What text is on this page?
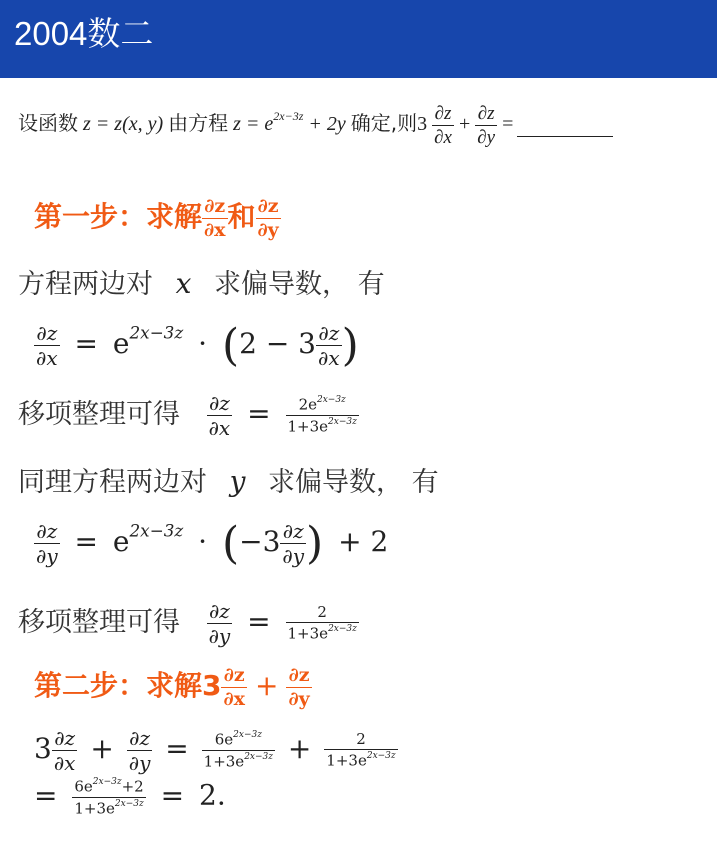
2004数二
设函数 z = z(x, y) 由方程 $z = e^{2x-3z} + 2y$ 确定,则$3 \frac{\partial z}{\partial x} + \frac{\partial z}{\partial y}$ =
第一步：求解 $\frac{\partial z}{\partial x}$ 和 $\frac{\partial z}{\partial y}$
方程两边对 x 求偏导数， 有
$\frac{\partial z}{\partial x} = e^{2x-3z} \cdot (2 - 3 \frac{\partial z}{\partial x}$ )
移项整理可得 $\frac{\partial z}{\partial x} = \frac{2e^{2x-3z}}{1+3e^{2x-3z}}$
同理方程两边对 y 求偏导数， 有
$\frac{\partial z}{\partial y} = e^{2x-3z} \cdot (-3 \frac{\partial z}{\partial y}$ ) + 2
移项整理可得 $\frac{\partial z}{\partial y} = \frac{2}{1+3e^{2x-3z}}$
第二步：求解$3 \frac{\partial z}{\partial x} + \frac{\partial z}{\partial y}$
$3 \frac{\partial z}{\partial x} + \frac{\partial z}{\partial y} = \frac{6e^{2x-3z}}{1+3e^{2x-3z}} + \frac{2}{1+3e^{2x-3z}}$
= $\frac{6e^{2x-3z}+2}{1+3e^{2x-3z}} = 2$.
